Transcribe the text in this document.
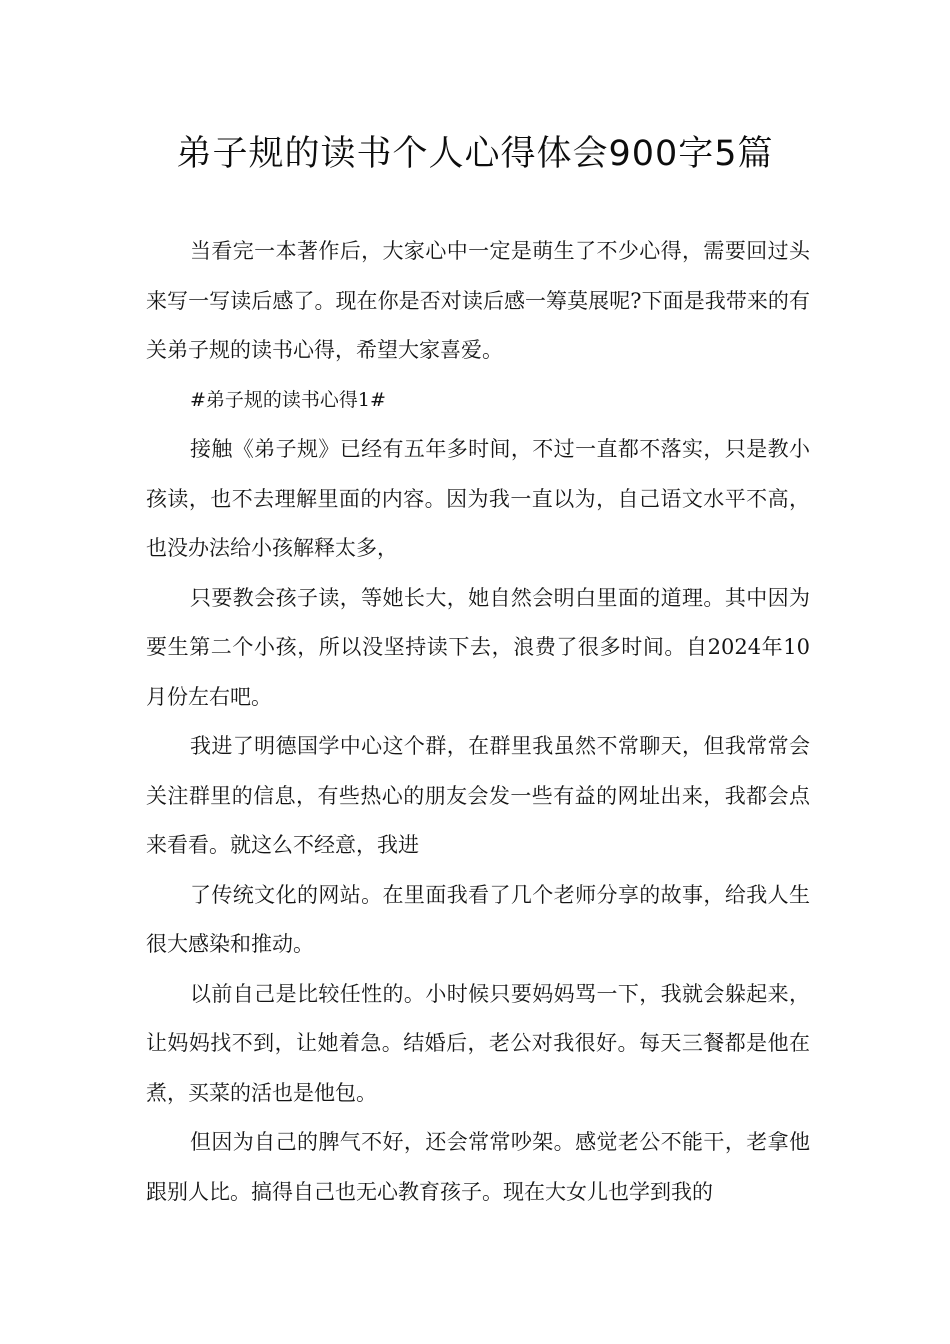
弟子规的读书个人心得体会900字5篇

当看完一本著作后，大家心中一定是萌生了不少心得，需要回过头来写一写读后感了。现在你是否对读后感一筹莫展呢?下面是我带来的有关弟子规的读书心得，希望大家喜爱。

#弟子规的读书心得1#

接触《弟子规》已经有五年多时间，不过一直都不落实，只是教小孩读，也不去理解里面的内容。因为我一直以为，自己语文水平不高，也没办法给小孩解释太多，

只要教会孩子读，等她长大，她自然会明白里面的道理。其中因为要生第二个小孩，所以没坚持读下去，浪费了很多时间。自2024年10月份左右吧。

我进了明德国学中心这个群，在群里我虽然不常聊天，但我常常会关注群里的信息，有些热心的朋友会发一些有益的网址出来，我都会点来看看。就这么不经意，我进

了传统文化的网站。在里面我看了几个老师分享的故事，给我人生很大感染和推动。

以前自己是比较任性的。小时候只要妈妈骂一下，我就会躲起来，让妈妈找不到，让她着急。结婚后，老公对我很好。每天三餐都是他在煮，买菜的活也是他包。

但因为自己的脾气不好，还会常常吵架。感觉老公不能干，老拿他跟别人比。搞得自己也无心教育孩子。现在大女儿也学到我的
